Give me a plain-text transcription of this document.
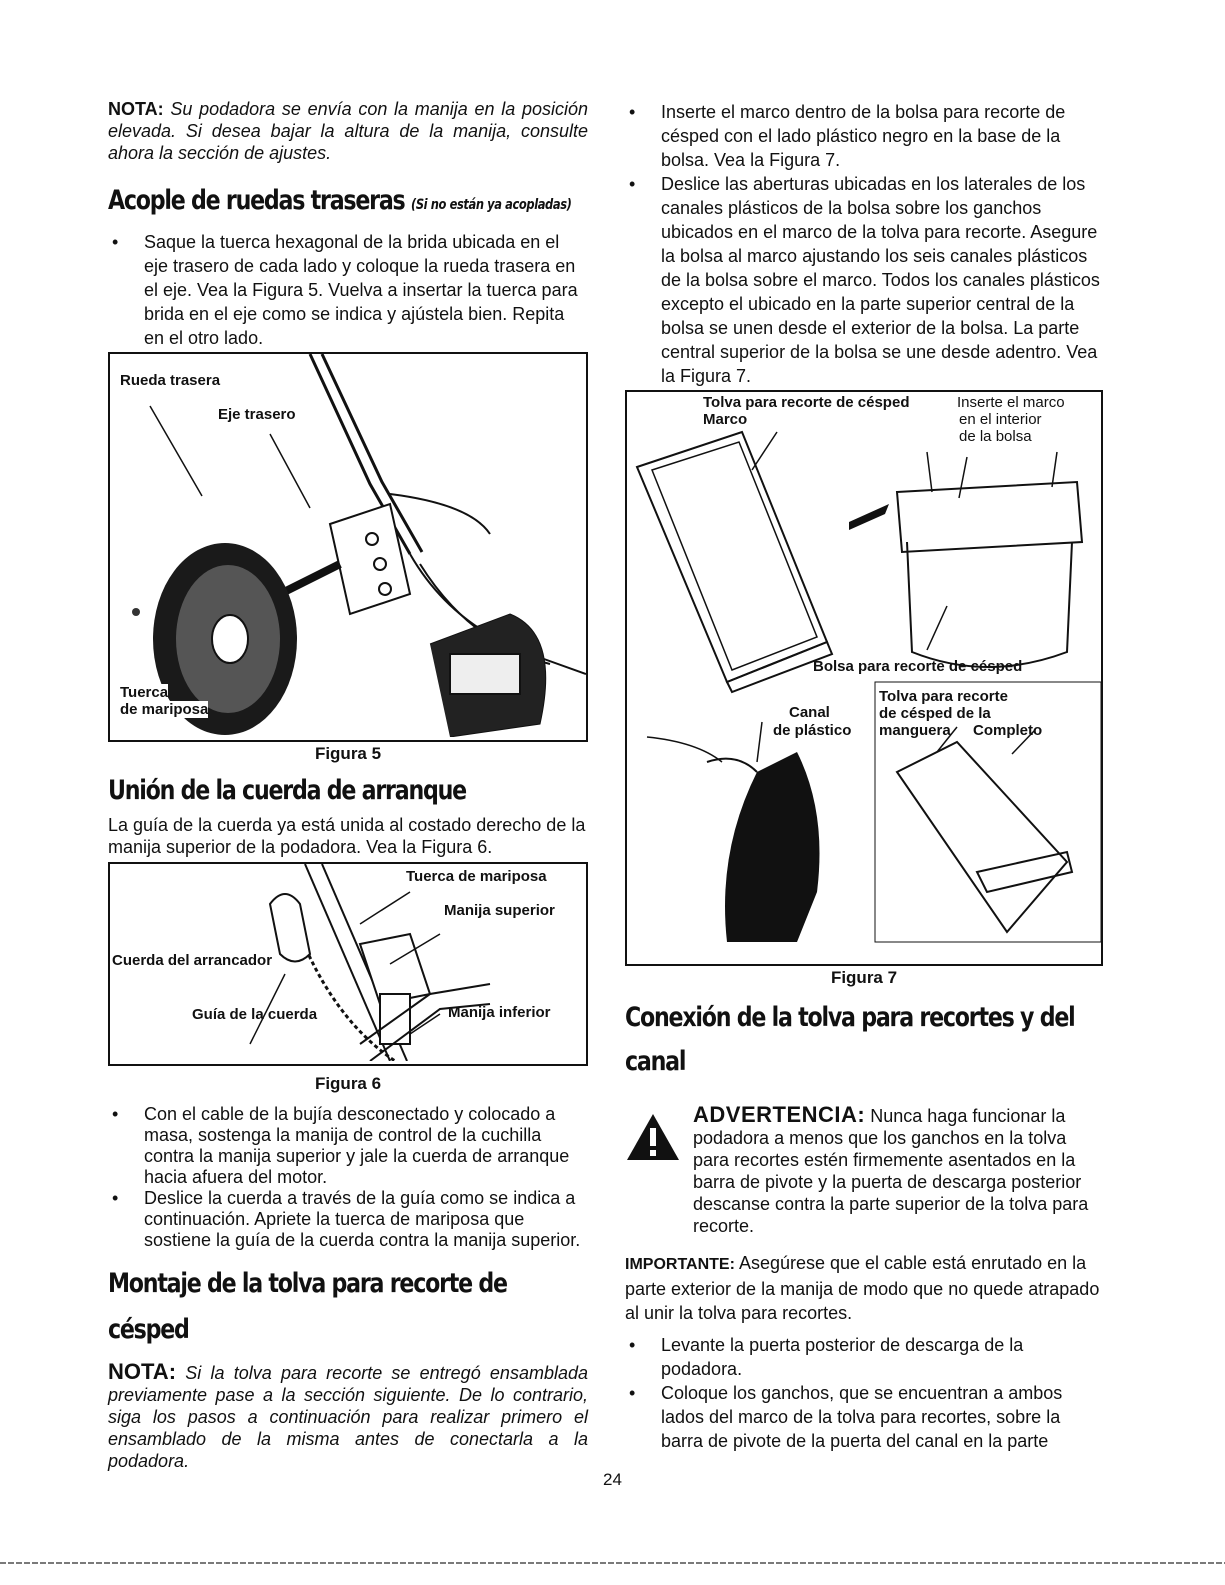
NOTA: Su podadora se envía con la manija en la posición elevada. Si desea bajar la altura de la manija, consulte ahora la sección de ajustes.

Acople de ruedas traseras (Si no están ya acopladas)
• Saque la tuerca hexagonal de la brida ubicada en el eje trasero de cada lado y coloque la rueda trasera en el eje. Vea la Figura 5. Vuelva a insertar la tuerca para brida en el eje como se indica y ajústela bien. Repita en el otro lado.
Rueda trasera
Eje trasero
Tuerca
de mariposa
Figura 5
Unión de la cuerda de arranque

La guía de la cuerda ya está unida al costado derecho de la manija superior de la podadora. Vea la Figura 6.

Tuerca de mariposa
Manija superior
Cuerda del arrancador
Guía de la cuerda	Manija inferior
Figura 6
• Con el cable de la bujía desconectado y colocado a masa, sostenga la manija de control de la cuchilla contra la manija superior y jale la cuerda de arranque hacia afuera del motor.
• Deslice la cuerda a través de la guía como se indica a continuación. Apriete la tuerca de mariposa que sostiene la guía de la cuerda contra la manija superior.
Montaje de la tolva para recorte de césped

NOTA: Si la tolva para recorte se entregó ensamblada previamente pase a la sección siguiente. De lo contrario, siga los pasos a continuación para realizar primero el ensamblado de la misma antes de conectarla a la podadora.

• Inserte el marco dentro de la bolsa para recorte de césped con el lado plástico negro en la base de la bolsa. Vea la Figura 7.
• Deslice las aberturas ubicadas en los laterales de los canales plásticos de la bolsa sobre los ganchos ubicados en el marco de la tolva para recorte. Asegure la bolsa al marco ajustando los seis canales plásticos de la bolsa sobre el marco. Todos los canales plásticos excepto el ubicado en la parte superior central de la bolsa se unen desde el exterior de la bolsa. La parte central superior de la bolsa se une desde adentro. Vea la Figura 7.
Tolva para recorte de césped
Marco
Inserte el marco
en el interior
de la bolsa
Bolsa para recorte de césped
Canal
de plástico
Tolva para recorte
de césped de la
manguera Completo
Figura 7
Conexión de la tolva para recortes y del canal
ADVERTENCIA: Nunca haga funcionar la podadora a menos que los ganchos en la tolva para recortes estén firmemente asentados en la barra de pivote y la puerta de descarga posterior descanse contra la parte superior de la tolva para recorte.

IMPORTANTE: Asegúrese que el cable está enrutado en la parte exterior de la manija de modo que no quede atrapado al unir la tolva para recortes.

• Levante la puerta posterior de descarga de la podadora.
• Coloque los ganchos, que se encuentran a ambos lados del marco de la tolva para recortes, sobre la barra de pivote de la puerta del canal en la parte
24
